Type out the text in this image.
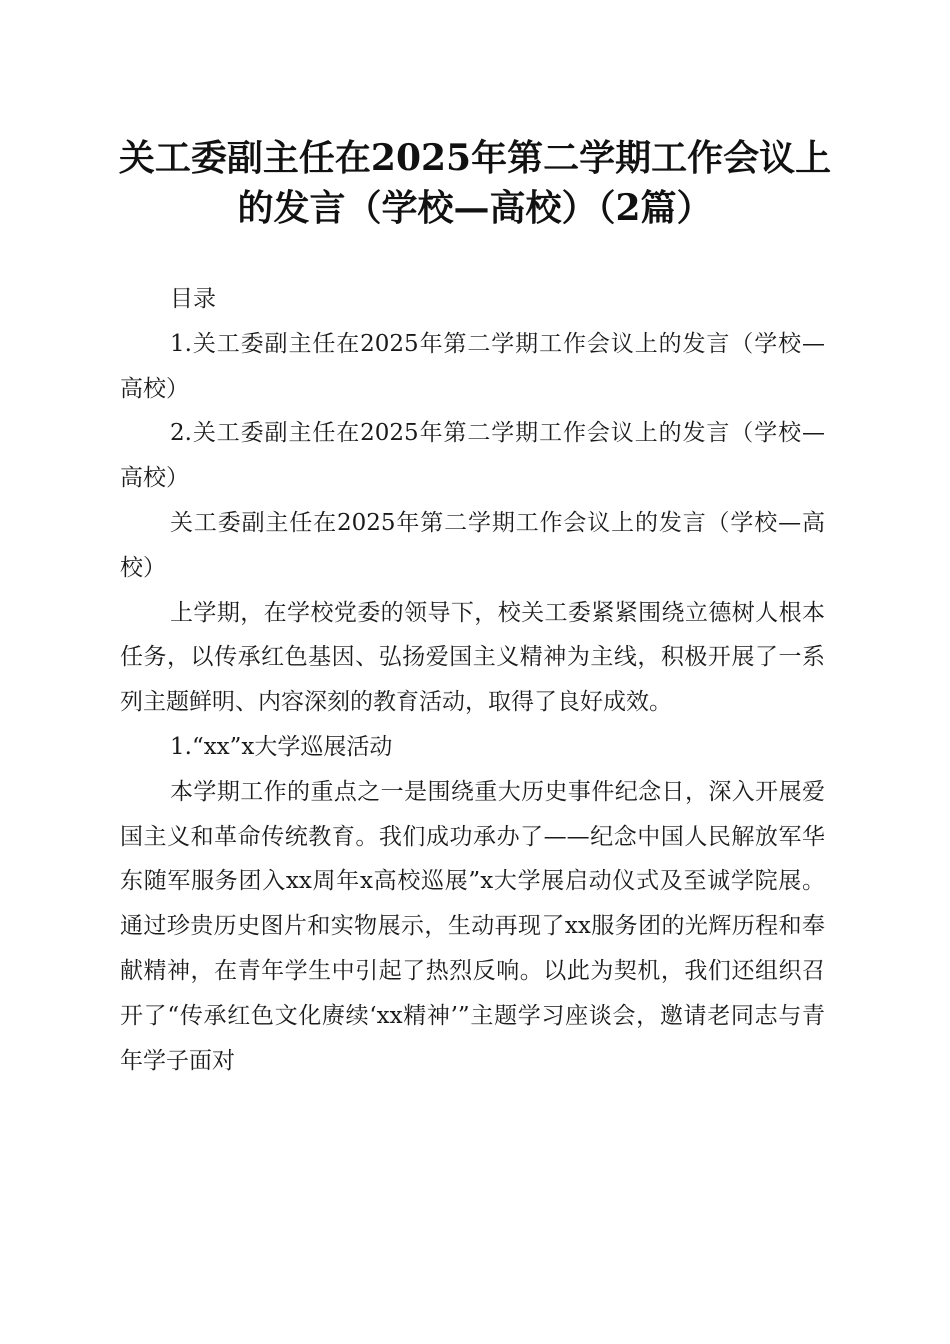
关工委副主任在2025年第二学期工作会议上的发言（学校—高校）（2篇）

目录

1.关工委副主任在2025年第二学期工作会议上的发言（学校—高校）

2.关工委副主任在2025年第二学期工作会议上的发言（学校—高校）

关工委副主任在2025年第二学期工作会议上的发言（学校—高校）

上学期，在学校党委的领导下，校关工委紧紧围绕立德树人根本任务，以传承红色基因、弘扬爱国主义精神为主线，积极开展了一系列主题鲜明、内容深刻的教育活动，取得了良好成效。

1.“xx”x大学巡展活动

本学期工作的重点之一是围绕重大历史事件纪念日，深入开展爱国主义和革命传统教育。我们成功承办了——纪念中国人民解放军华东随军服务团入xx周年x高校巡展”x大学展启动仪式及至诚学院展。通过珍贵历史图片和实物展示，生动再现了xx服务团的光辉历程和奉献精神，在青年学生中引起了热烈反响。以此为契机，我们还组织召开了“传承红色文化赓续‘xx精神’”主题学习座谈会，邀请老同志与青年学子面对
